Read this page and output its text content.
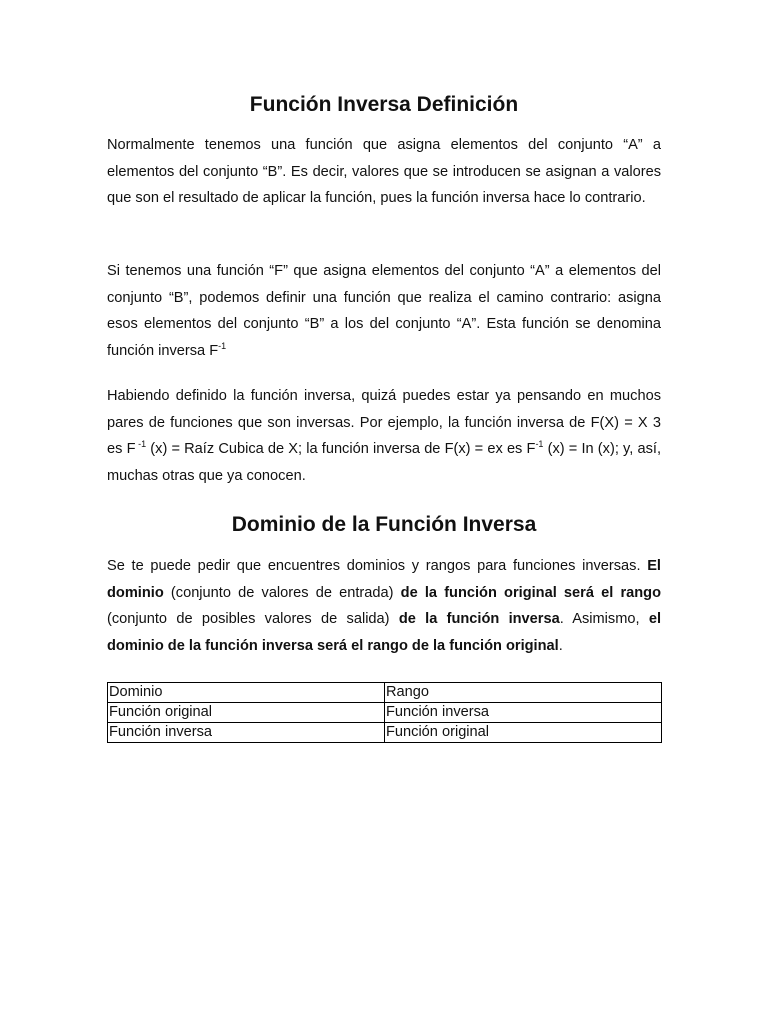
Función Inversa Definición

Normalmente tenemos una función que asigna elementos del conjunto “A” a elementos del conjunto “B”. Es decir, valores que se introducen se asignan a valores que son el resultado de aplicar la función, pues la función inversa hace lo contrario.

Si tenemos una función “F” que asigna elementos del conjunto “A” a elementos del conjunto “B”, podemos definir una función que realiza el camino contrario: asigna esos elementos del conjunto “B” a los del conjunto “A”. Esta función se denomina función inversa $F^{-1}$

Habiendo definido la función inversa, quizá puedes estar ya pensando en muchos pares de funciones que son inversas. Por ejemplo, la función inversa de F(X) = X 3 es F $^{-1}$ (x) = Raíz Cubica de X; la función inversa de F(x) = ex es $F^{-1}$ (x) = In (x); y, así, muchas otras que ya conocen.

Dominio de la Función Inversa

Se te puede pedir que encuentres dominios y rangos para funciones inversas. El dominio (conjunto de valores de entrada) de la función original será el rango (conjunto de posibles valores de salida) de la función inversa. Asimismo, el dominio de la función inversa será el rango de la función original.

Dominio	Rango
Función original	Función inversa
Función inversa	Función original
